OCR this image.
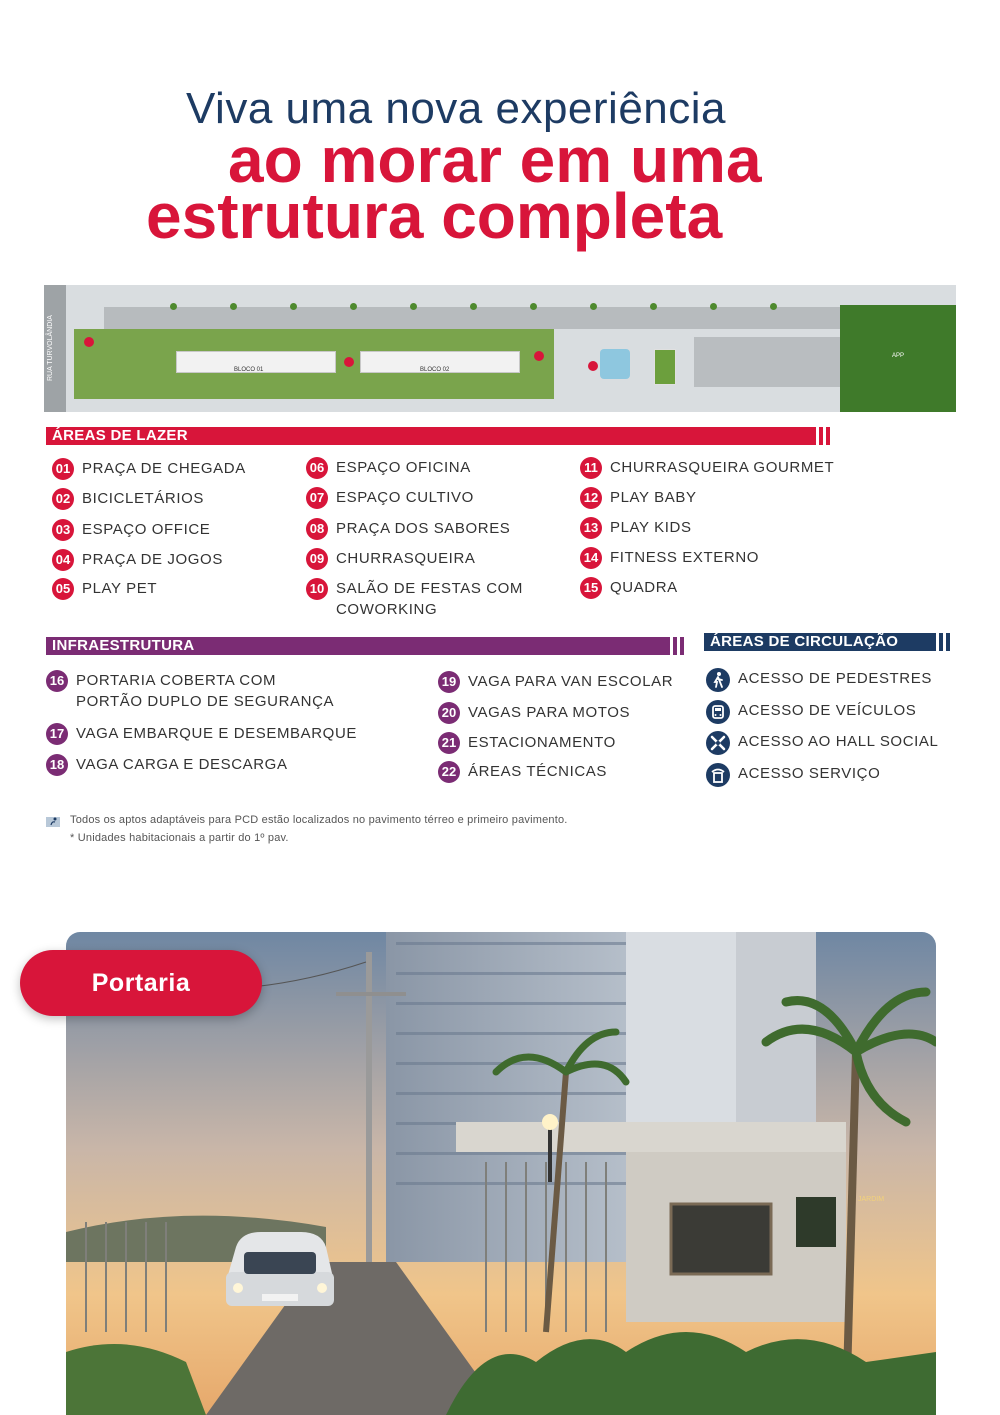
Viva uma nova experiência
ao morar em uma
estrutura completa
RUA TURVOLÂNDIA	BLOCO 01	BLOCO 02
APP
ÁREAS DE LAZER
01 PRAÇA DE CHEGADA
02 BICICLETÁRIOS
03 ESPAÇO OFFICE
04 PRAÇA DE JOGOS
05 PLAY PET
06 ESPAÇO OFICINA
07 ESPAÇO CULTIVO
08 PRAÇA DOS SABORES
09 CHURRASQUEIRA
10 SALÃO DE FESTAS COM
COWORKING
11 CHURRASQUEIRA GOURMET
12 PLAY BABY
13 PLAY KIDS
14 FITNESS EXTERNO
15 QUADRA
INFRAESTRUTURA
16 PORTARIA COBERTA COM
PORTÃO DUPLO DE SEGURANÇA
17 VAGA EMBARQUE E DESEMBARQUE
18 VAGA CARGA E DESCARGA
19 VAGA PARA VAN ESCOLAR
20 VAGAS PARA MOTOS
21 ESTACIONAMENTO
22 ÁREAS TÉCNICAS
ÁREAS DE CIRCULAÇÃO
ACESSO DE PEDESTRES
ACESSO DE VEÍCULOS
ACESSO AO HALL SOCIAL
ACESSO SERVIÇO
Todos os aptos adaptáveis para PCD estão localizados no pavimento térreo e primeiro pavimento.
* Unidades habitacionais a partir do 1º pav.
JARDIM
Portaria
